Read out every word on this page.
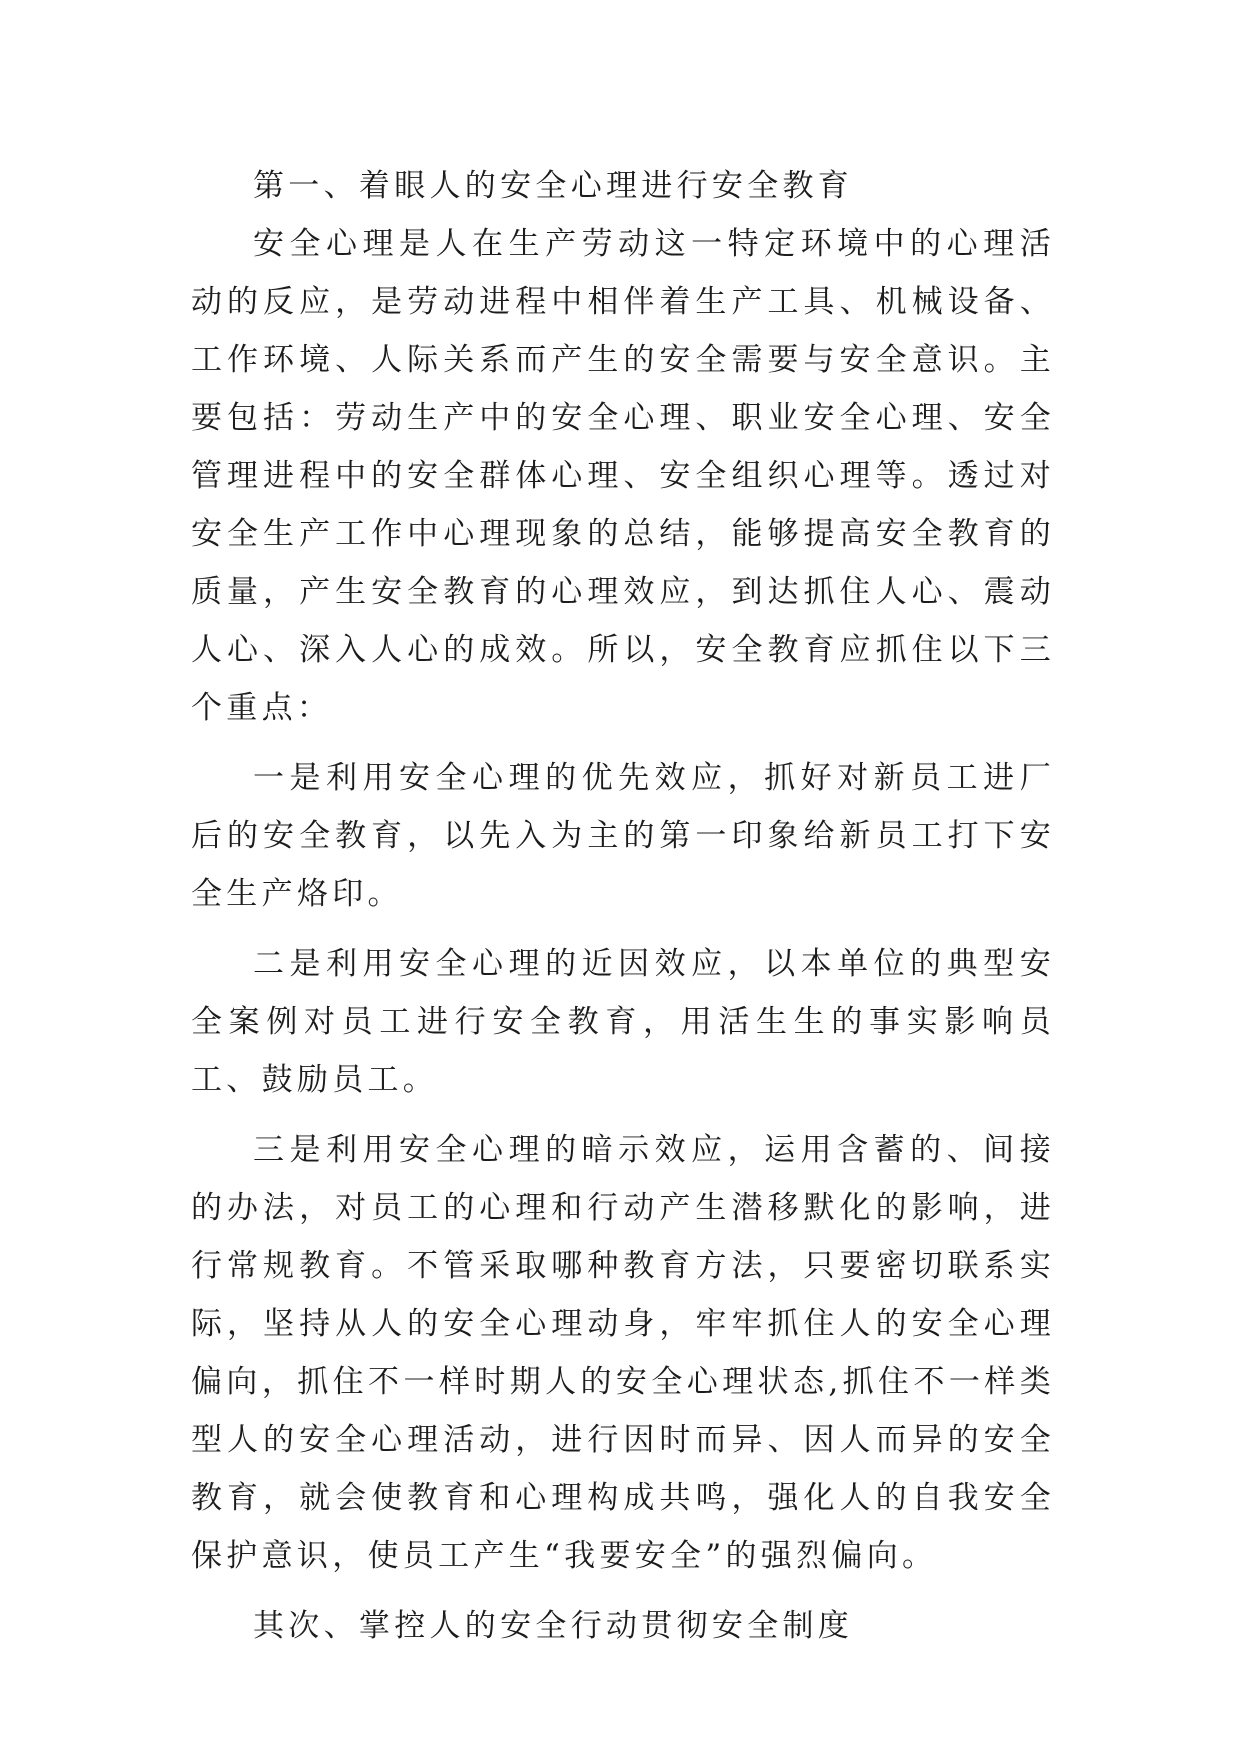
第一、着眼人的安全心理进行安全教育

安全心理是人在生产劳动这一特定环境中的心理活动的反应，是劳动进程中相伴着生产工具、机械设备、工作环境、人际关系而产生的安全需要与安全意识。主要包括：劳动生产中的安全心理、职业安全心理、安全管理进程中的安全群体心理、安全组织心理等。透过对安全生产工作中心理现象的总结，能够提高安全教育的质量，产生安全教育的心理效应，到达抓住人心、震动人心、深入人心的成效。所以，安全教育应抓住以下三个重点：

一是利用安全心理的优先效应，抓好对新员工进厂后的安全教育，以先入为主的第一印象给新员工打下安全生产烙印。

二是利用安全心理的近因效应，以本单位的典型安全案例对员工进行安全教育，用活生生的事实影响员工、鼓励员工。

三是利用安全心理的暗示效应，运用含蓄的、间接的办法，对员工的心理和行动产生潜移默化的影响，进行常规教育。不管采取哪种教育方法，只要密切联系实际，坚持从人的安全心理动身，牢牢抓住人的安全心理偏向，抓住不一样时期人的安全心理状态,抓住不一样类型人的安全心理活动，进行因时而异、因人而异的安全教育，就会使教育和心理构成共鸣，强化人的自我安全保护意识，使员工产生“我要安全”的强烈偏向。

其次、掌控人的安全行动贯彻安全制度
